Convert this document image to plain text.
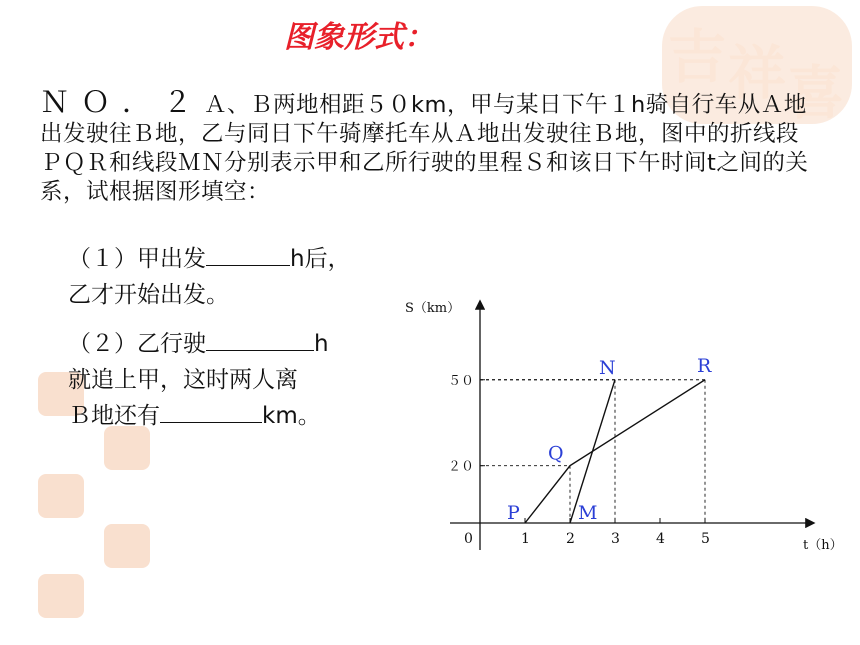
吉 祥 喜
图象形式：
ＮＯ．２Ａ、Ｂ两地相距５０km，甲与某日下午１h骑自行车从Ａ地出发驶往Ｂ地，乙与同日下午骑摩托车从Ａ地出发驶往Ｂ地，图中的折线段ＰＱＲ和线段ＭＮ分别表示甲和乙所行驶的里程Ｓ和该日下午时间t之间的关系，试根据图形填空：
（１）甲出发	h后，
乙才开始出发。
（２）乙行驶	h
就追上甲，这时两人离
Ｂ地还有	km。
S（km）
t（h）
0	1	2	3	4	5
２０
５０
P
Q
R
M
N
